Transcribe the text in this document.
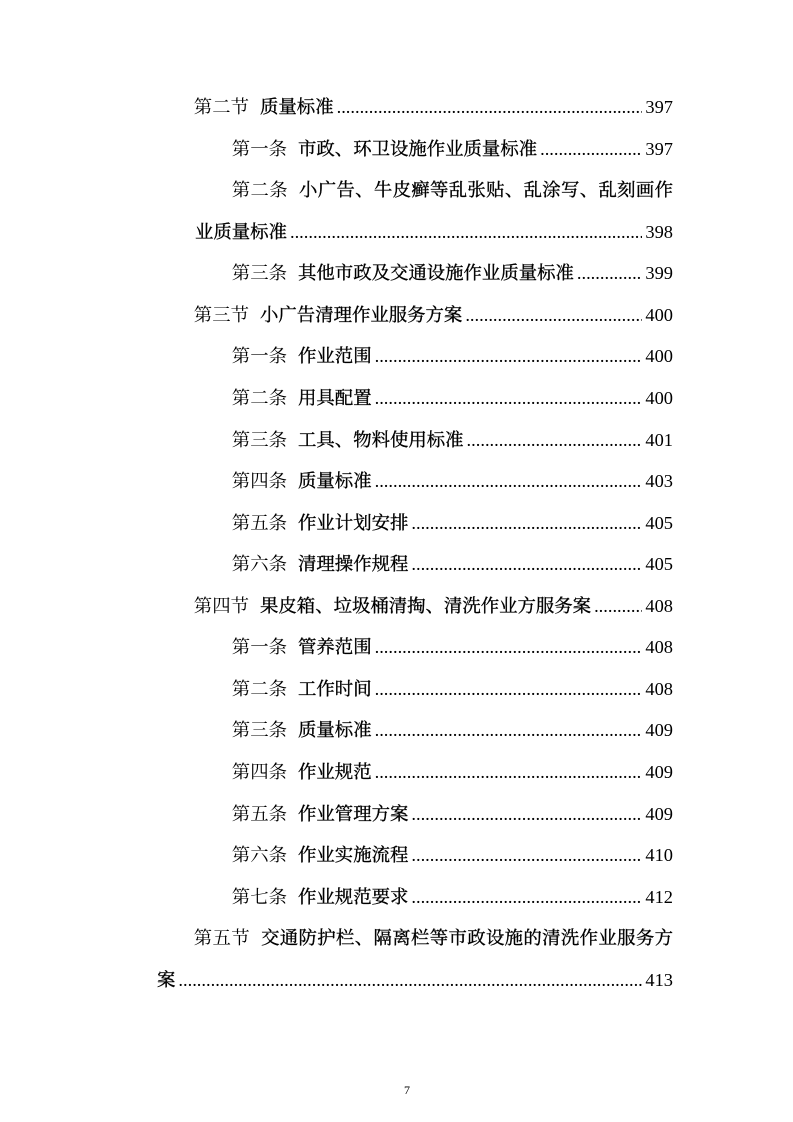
第二节 质量标准 .....	397
第一条 市政、环卫设施作业质量标准 .....	397
第二条 小广告、牛皮癣等乱张贴、乱涂写、乱刻画作业质量标准 .....	398
第三条 其他市政及交通设施作业质量标准 .....	399
第三节 小广告清理作业服务方案 .....	400
第一条 作业范围 .....	400
第二条 用具配置 .....	400
第三条 工具、物料使用标准 .....	401
第四条 质量标准 .....	403
第五条 作业计划安排 .....	405
第六条 清理操作规程 .....	405
第四节 果皮箱、垃圾桶清掏、清洗作业方服务案 .....	408
第一条 管养范围 .....	408
第二条 工作时间 .....	408
第三条 质量标准 .....	409
第四条 作业规范 .....	409
第五条 作业管理方案 .....	409
第六条 作业实施流程 .....	410
第七条 作业规范要求 .....	412
第五节 交通防护栏、隔离栏等市政设施的清洗作业服务方案 .....	413
7
